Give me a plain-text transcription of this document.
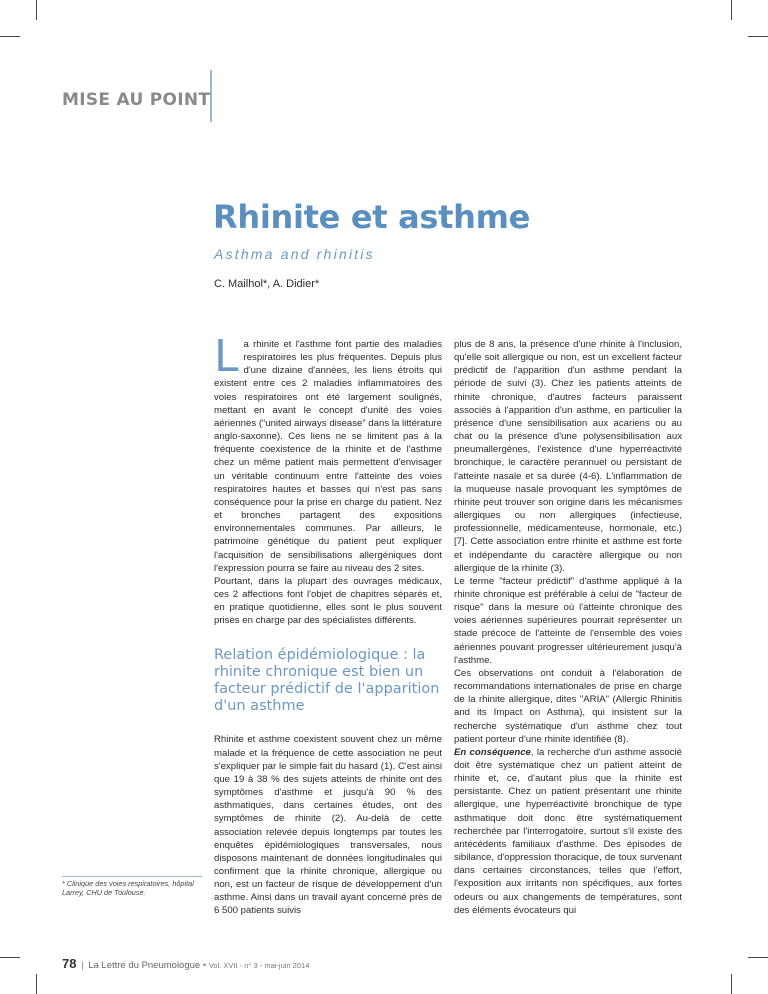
MISE AU POINT
Rhinite et asthme
Asthma and rhinitis
C. Mailhol*, A. Didier*

La rhinite et l'asthme font partie des maladies respiratoires les plus fréquentes. Depuis plus d'une dizaine d'années, les liens étroits qui existent entre ces 2 maladies inflammatoires des voies respiratoires ont été largement soulignés, mettant en avant le concept d'unité des voies aériennes (“united airways disease” dans la littérature anglo-saxonne). Ces liens ne se limitent pas à la fréquente coexistence de la rhinite et de l'asthme chez un même patient mais permettent d'envisager un véritable continuum entre l'atteinte des voies respiratoires hautes et basses qui n'est pas sans conséquence pour la prise en charge du patient. Nez et bronches partagent des expositions environnementales communes. Par ailleurs, le patrimoine génétique du patient peut expliquer l'acquisition de sensibilisations allergéniques dont l'expression pourra se faire au niveau des 2 sites.

Pourtant, dans la plupart des ouvrages médicaux, ces 2 affections font l'objet de chapitres séparés et, en pratique quotidienne, elles sont le plus souvent prises en charge par des spécialistes différents.

Relation épidémiologique : la rhinite chronique est bien un facteur prédictif de l'apparition d'un asthme

Rhinite et asthme coexistent souvent chez un même malade et la fréquence de cette association ne peut s'expliquer par le simple fait du hasard (1). C'est ainsi que 19 à 38 % des sujets atteints de rhinite ont des symptômes d'asthme et jusqu'à 90 % des asthmatiques, dans certaines études, ont des symptômes de rhinite (2). Au-delà de cette association relevée depuis longtemps par toutes les enquêtes épidémiologiques transversales, nous disposons maintenant de données longitudinales qui confirment que la rhinite chronique, allergique ou non, est un facteur de risque de développement d'un asthme. Ainsi dans un travail ayant concerné près de 6 500 patients suivis

plus de 8 ans, la présence d'une rhinite à l'inclusion, qu'elle soit allergique ou non, est un excellent facteur prédictif de l'apparition d'un asthme pendant la période de suivi (3). Chez les patients atteints de rhinite chronique, d'autres facteurs paraissent associés à l'apparition d'un asthme, en particulier la présence d'une sensibilisation aux acariens ou au chat ou la présence d'une polysensibilisation aux pneumallergènes, l'existence d'une hyperréactivité bronchique, le caractère perannuel ou persistant de l'atteinte nasale et sa durée (4-6). L'inflammation de la muqueuse nasale provoquant les symptômes de rhinite peut trouver son origine dans les mécanismes allergiques ou non allergiques (infectieuse, professionnelle, médicamenteuse, hormonale, etc.) [7]. Cette association entre rhinite et asthme est forte et indépendante du caractère allergique ou non allergique de la rhinite (3).

Le terme "facteur prédictif" d'asthme appliqué à la rhinite chronique est préférable à celui de "facteur de risque" dans la mesure où l'atteinte chronique des voies aériennes supérieures pourrait représenter un stade précoce de l'atteinte de l'ensemble des voies aériennes pouvant progresser ultérieurement jusqu'à l'asthme.

Ces observations ont conduit à l'élaboration de recommandations internationales de prise en charge de la rhinite allergique, dites "ARIA" (Allergic Rhinitis and its Impact on Asthma), qui insistent sur la recherche systématique d'un asthme chez tout patient porteur d'une rhinite identifiée (8).

En conséquence, la recherche d'un asthme associé doit être systématique chez un patient atteint de rhinite et, ce, d'autant plus que la rhinite est persistante. Chez un patient présentant une rhinite allergique, une hyperréactivité bronchique de type asthmatique doit donc être systématiquement recherchée par l'interrogatoire, surtout s'il existe des antécédents familiaux d'asthme. Des épisodes de sibilance, d'oppression thoracique, de toux survenant dans certaines circonstances, telles que l'effort, l'exposition aux irritants non spécifiques, aux fortes odeurs ou aux changements de températures, sont des éléments évocateurs qui

* Clinique des voies respiratoires, hôpital Larrey, CHU de Toulouse.
78 | La Lettre du Pneumologue • Vol. XVII - n° 3 - mai-juin 2014
